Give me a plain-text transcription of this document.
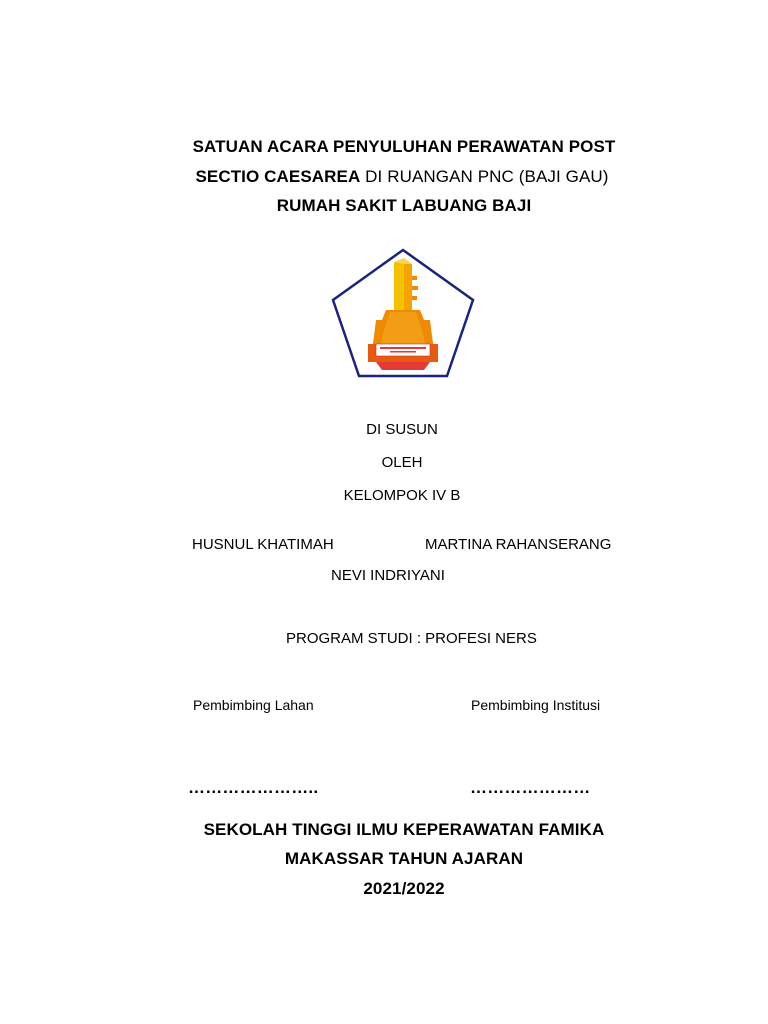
SATUAN ACARA PENYULUHAN PERAWATAN POST
SECTIO CAESAREA DI RUANGAN PNC (BAJI GAU)
RUMAH SAKIT LABUANG BAJI
DI SUSUN
OLEH
KELOMPOK IV B
HUSNUL KHATIMAH	MARTINA RAHANSERANG
NEVI INDRIYANI
PROGRAM STUDI : PROFESI NERS
Pembimbing Lahan	Pembimbing Institusi
…………………..	…………………
SEKOLAH TINGGI ILMU KEPERAWATAN FAMIKA
MAKASSAR TAHUN AJARAN
2021/2022
